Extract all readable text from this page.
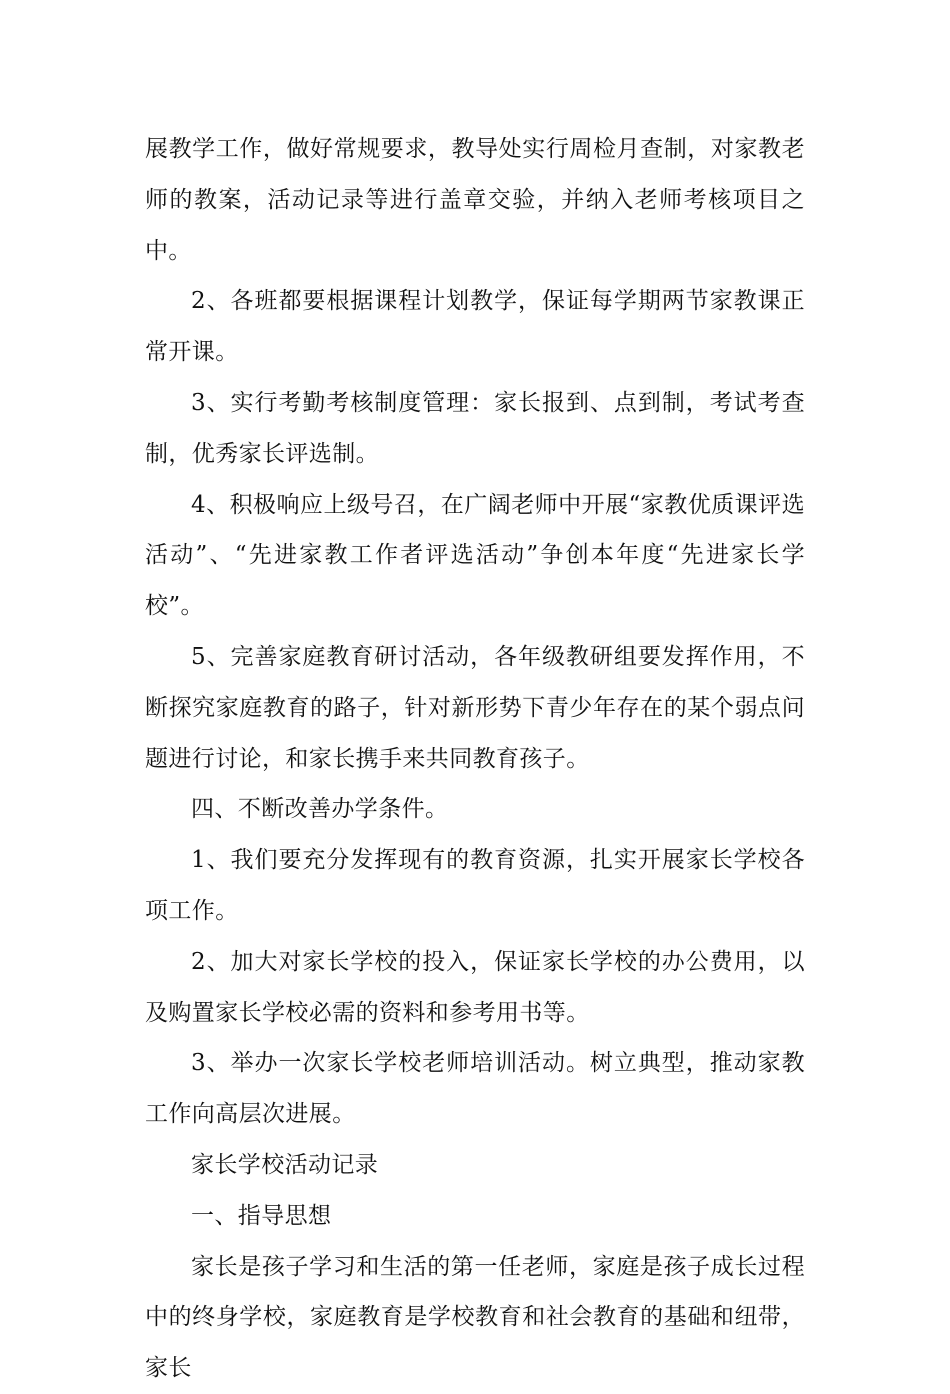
展教学工作，做好常规要求，教导处实行周检月查制，对家教老师的教案，活动记录等进行盖章交验，并纳入老师考核项目之中。

2、各班都要根据课程计划教学，保证每学期两节家教课正常开课。

3、实行考勤考核制度管理：家长报到、点到制，考试考查制，优秀家长评选制。

4、积极响应上级号召，在广阔老师中开展“家教优质课评选活动”、“先进家教工作者评选活动”争创本年度“先进家长学校”。

5、完善家庭教育研讨活动，各年级教研组要发挥作用，不断探究家庭教育的路子，针对新形势下青少年存在的某个弱点问题进行讨论，和家长携手来共同教育孩子。

四、不断改善办学条件。

1、我们要充分发挥现有的教育资源，扎实开展家长学校各项工作。

2、加大对家长学校的投入，保证家长学校的办公费用，以及购置家长学校必需的资料和参考用书等。

3、举办一次家长学校老师培训活动。树立典型，推动家教工作向高层次进展。

家长学校活动记录

一、指导思想

家长是孩子学习和生活的第一任老师，家庭是孩子成长过程中的终身学校，家庭教育是学校教育和社会教育的基础和纽带，家长
